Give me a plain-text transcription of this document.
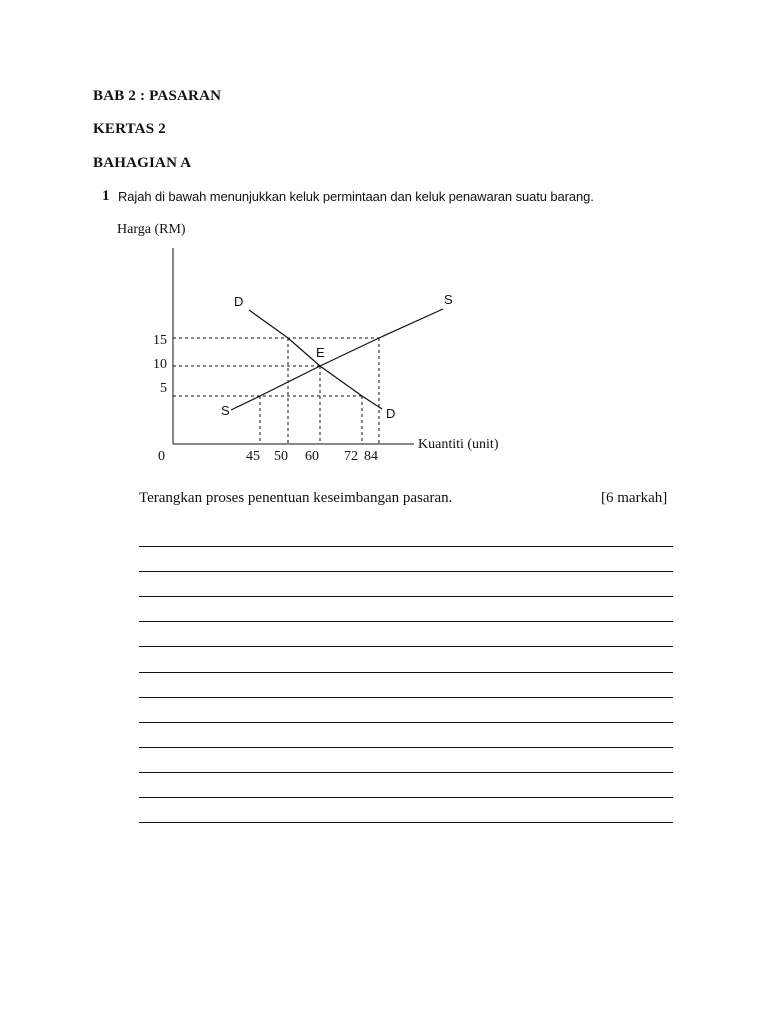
BAB 2 : PASARAN
KERTAS 2
BAHAGIAN A
1 Rajah di bawah menunjukkan keluk permintaan dan keluk penawaran suatu barang.
Harga (RM)
Kuantiti (unit)
0
D
D
S
S
E
5
10
15
45 50 60 72 84
Terangkan proses penentuan keseimbangan pasaran.	[6 markah]
